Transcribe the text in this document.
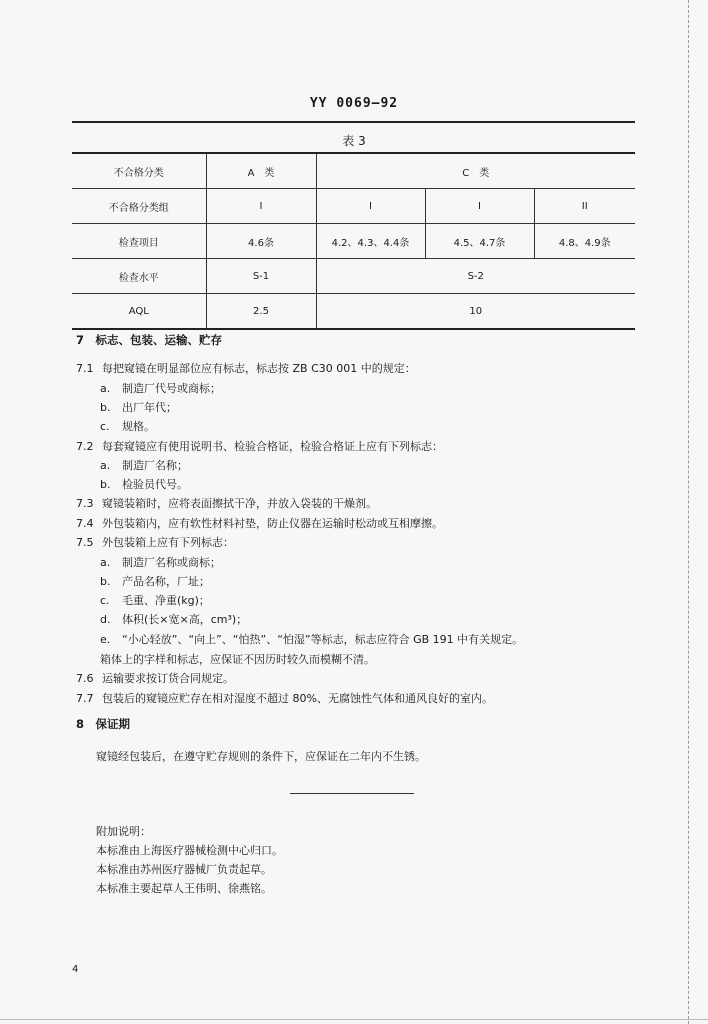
YY 0069—92
表 3
不合格分类	A　类	C　类		
不合格分类组	I	I	I	II
检查项目	4.6条	4.2、4.3、4.4条	4.5、4.7条	4.8、4.9条
检查水平	S-1	S-2		
AQL	2.5	10		
7　标志、包装、运输、贮存
7.1 每把窥镜在明显部位应有标志，标志按 ZB C30 001 中的规定：
a. 制造厂代号或商标；
b. 出厂年代；
c. 规格。
7.2 每套窥镜应有使用说明书、检验合格证，检验合格证上应有下列标志：
a. 制造厂名称；
b. 检验员代号。
7.3 窥镜装箱时，应将表面擦拭干净，并放入袋装的干燥剂。
7.4 外包装箱内，应有软性材料衬垫，防止仪器在运输时松动或互相摩擦。
7.5 外包装箱上应有下列标志：
a. 制造厂名称或商标；
b. 产品名称，厂址；
c. 毛重、净重(kg)；
d. 体积(长×宽×高，cm³)；
e. “小心轻放”、“向上”、“怕热”、“怕湿”等标志，标志应符合 GB 191 中有关规定。
箱体上的字样和标志，应保证不因历时较久而模糊不清。
7.6 运输要求按订货合同规定。
7.7 包装后的窥镜应贮存在相对湿度不超过 80%、无腐蚀性气体和通风良好的室内。
8　保证期
窥镜经包装后，在遵守贮存规则的条件下，应保证在二年内不生锈。
附加说明：
本标准由上海医疗器械检测中心归口。
本标准由苏州医疗器械厂负责起草。
本标准主要起草人王伟明、徐燕铭。
4
